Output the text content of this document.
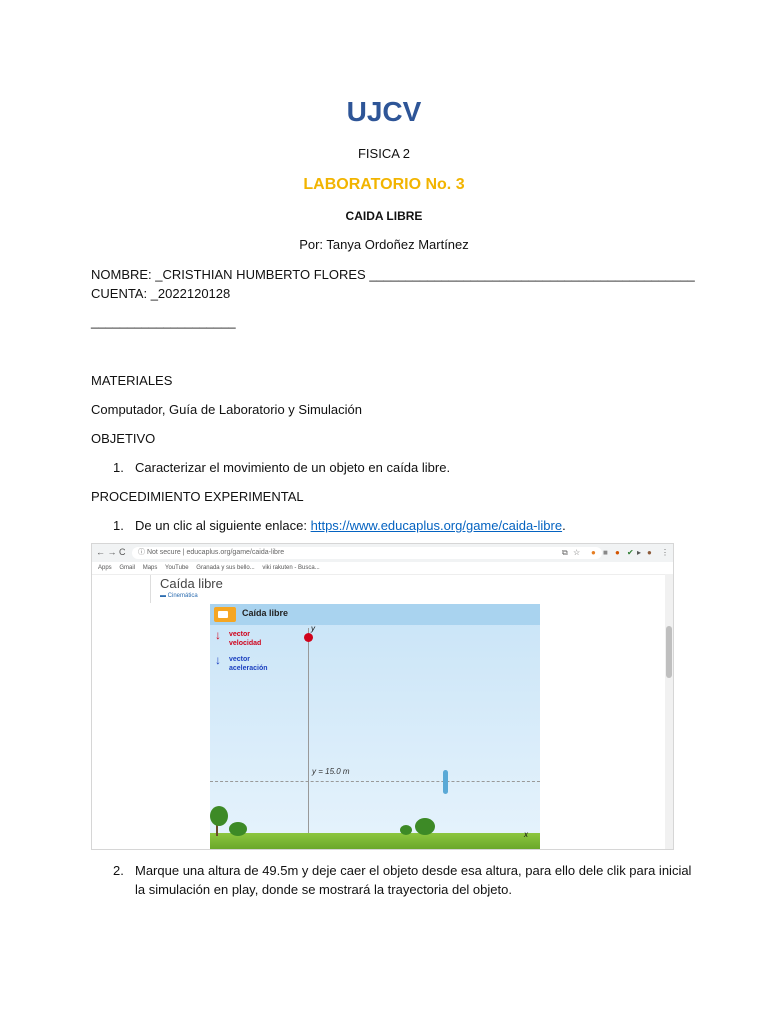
UJCV
FISICA 2
LABORATORIO No. 3
CAIDA LIBRE
Por: Tanya Ordoñez Martínez
NOMBRE: _CRISTHIAN HUMBERTO FLORES _____________________________________________
CUENTA: _2022120128
____________________
MATERIALES
Computador, Guía de Laboratorio y Simulación
OBJETIVO
1. Caracterizar el movimiento de un objeto en caída libre.
PROCEDIMIENTO EXPERIMENTAL
1. De un clic al siguiente enlace: https://www.educaplus.org/game/caida-libre.
← → C	ⓘ Not secure | educaplus.org/game/caida-libre	⧉ ☆ ● ■ ● ✔ ▸ ● ⋮
Apps Gmail Maps YouTube Granada y sus bello... viki rakuten - Busca...
Caída libre
▬ Cinemática
Caída libre
↓ vector
velocidad
↓ vector
aceleración
y
y = 15.0 m
x
2. Marque una altura de 49.5m y deje caer el objeto desde esa altura, para ello dele clik para inicial
la simulación en play, donde se mostrará la trayectoria del objeto.
